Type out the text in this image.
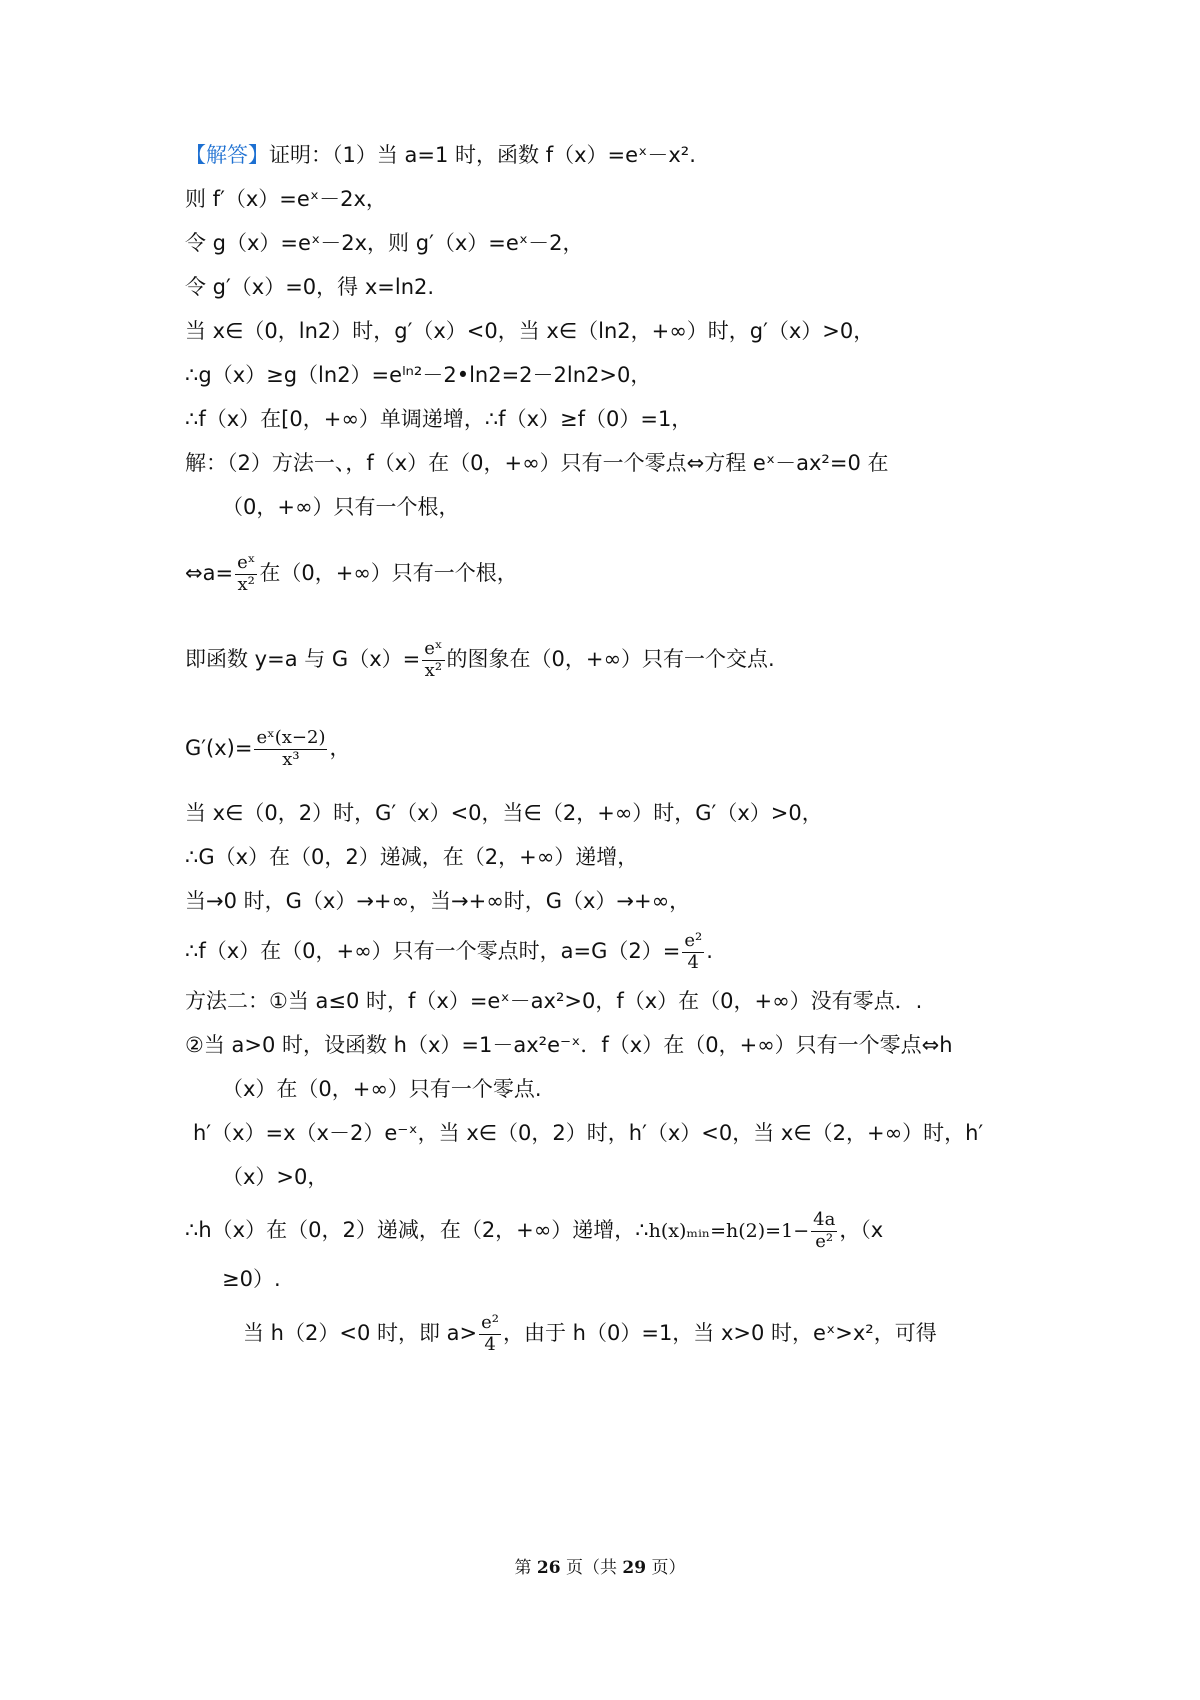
【解答】证明：（1）当 a=1 时，函数 f（x）=eˣ－x².
则 f′（x）=eˣ－2x，
令 g（x）=eˣ－2x，则 g′（x）=eˣ－2，
令 g′（x）=0，得 x=ln2.
当 x∈（0，ln2）时，g′（x）<0，当 x∈（ln2，+∞）时，g′（x）>0，
∴g（x）≥g（ln2）=eˡⁿ²－2•ln2=2－2ln2>0，
∴f（x）在[0，+∞）单调递增，∴f（x）≥f（0）=1，
解：（2）方法一、，f（x）在（0，+∞）只有一个零点⇔方程 eˣ－ax²=0 在
（0，+∞）只有一个根，
⇔a= $\frac{\text{eˣ}}{\text{x²}}$ 在（0，+∞）只有一个根，
即函数 y=a 与 $G(x)= \frac{\text{eˣ}}{\text{x²}}$ 的图象在（0，+∞）只有一个交点.
$G'(x)= \frac{\text{eˣ(x−2)}}{\text{x³}}$ ，
当 x∈（0，2）时，G′（x）<0，当∈（2，+∞）时，G′（x）>0，
∴G（x）在（0，2）递减，在（2，+∞）递增，
当→0 时，G（x）→+∞，当→+∞时，G（x）→+∞，
∴f（x）在（0，+∞）只有一个零点时，$a=G(2)= \frac{\text{e²}}{4}$ .
方法二：①当 a≤0 时，f（x）=eˣ－ax²>0，f（x）在（0，+∞）没有零点．.
②当 a>0 时，设函数 h（x）=1－ax²e⁻ˣ．f（x）在（0，+∞）只有一个零点⇔h
（x）在（0，+∞）只有一个零点.
h′（x）=x（x－2）e⁻ˣ，当 x∈（0，2）时，h′（x）<0，当 x∈（2，+∞）时，h′
（x）>0，
∴h（x）在（0，2）递减，在（2，+∞）递增，∴h(x)ₘᵢₙ=h(2)=1− $\frac{4a}{\text{e²}}$ ，（x
≥0）.
当 h（2）<0 时，即 $a> \frac{\text{e²}}{4}$ ，由于 h（0）=1，当 x>0 时，eˣ>x²，可得
第 26 页（共 29 页）
